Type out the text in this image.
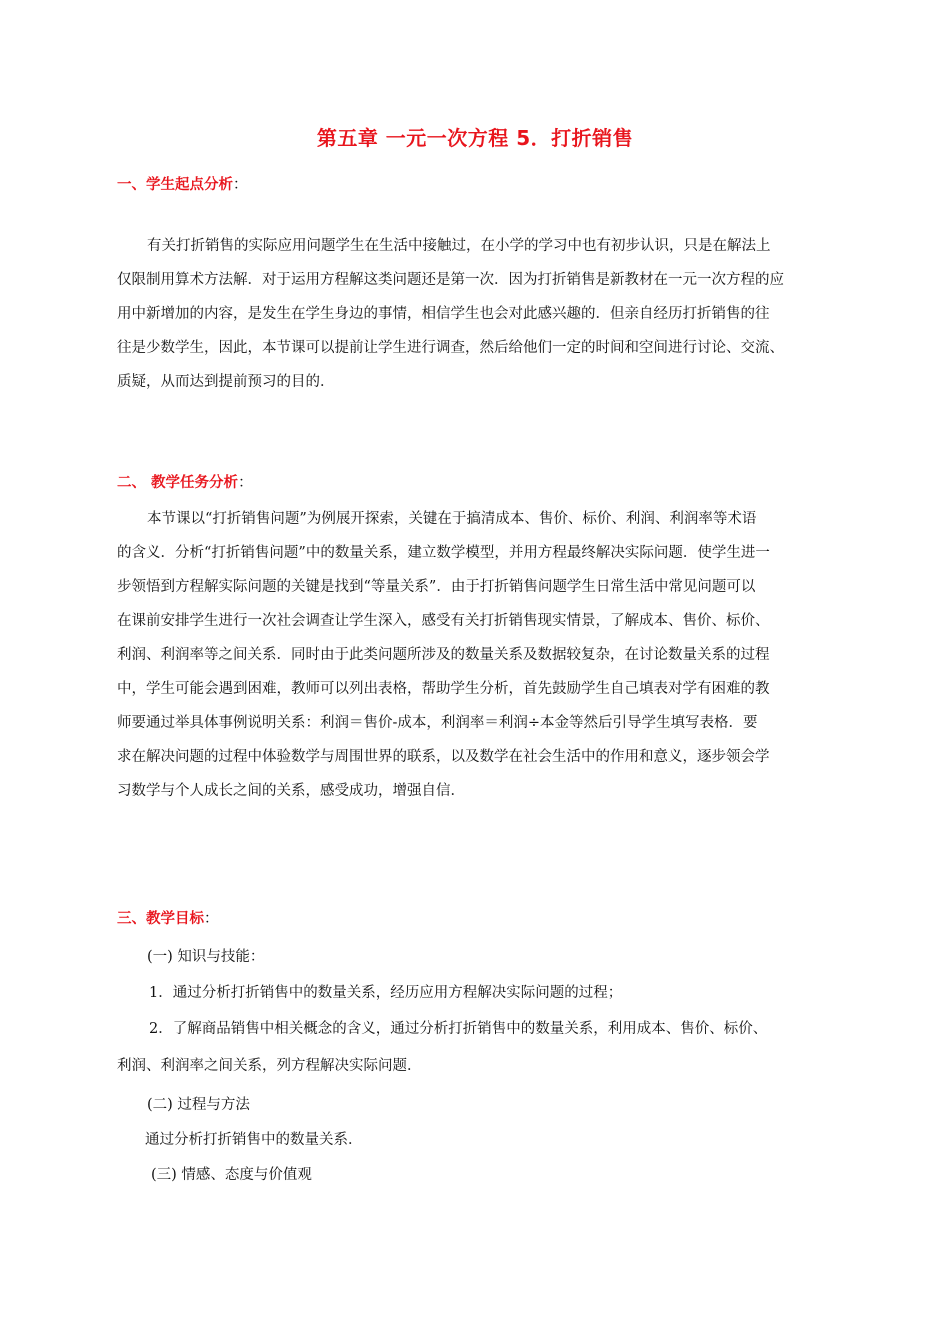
第五章 一元一次方程 5．打折销售
一、学生起点分析：
有关打折销售的实际应用问题学生在生活中接触过，在小学的学习中也有初步认识，只是在解法上
仅限制用算术方法解．对于运用方程解这类问题还是第一次．因为打折销售是新教材在一元一次方程的应
用中新增加的内容，是发生在学生身边的事情，相信学生也会对此感兴趣的．但亲自经历打折销售的往
往是少数学生，因此，本节课可以提前让学生进行调查，然后给他们一定的时间和空间进行讨论、交流、
质疑，从而达到提前预习的目的．
二、 教学任务分析：
本节课以“打折销售问题”为例展开探索，关键在于搞清成本、售价、标价、利润、利润率等术语
的含义．分析“打折销售问题”中的数量关系，建立数学模型，并用方程最终解决实际问题．使学生进一
步领悟到方程解实际问题的关键是找到“等量关系”．由于打折销售问题学生日常生活中常见问题可以
在课前安排学生进行一次社会调查让学生深入，感受有关打折销售现实情景，了解成本、售价、标价、
利润、利润率等之间关系．同时由于此类问题所涉及的数量关系及数据较复杂，在讨论数量关系的过程
中，学生可能会遇到困难，教师可以列出表格，帮助学生分析，首先鼓励学生自己填表对学有困难的教
师要通过举具体事例说明关系：利润＝售价-成本，利润率＝利润÷本金等然后引导学生填写表格．要
求在解决问题的过程中体验数学与周围世界的联系，以及数学在社会生活中的作用和意义，逐步领会学
习数学与个人成长之间的关系，感受成功，增强自信．
三、教学目标：
(一) 知识与技能：
1．通过分析打折销售中的数量关系，经历应用方程解决实际问题的过程；
2．了解商品销售中相关概念的含义，通过分析打折销售中的数量关系，利用成本、售价、标价、
利润、利润率之间关系，列方程解决实际问题．
(二) 过程与方法
通过分析打折销售中的数量关系．
(三) 情感、态度与价值观
